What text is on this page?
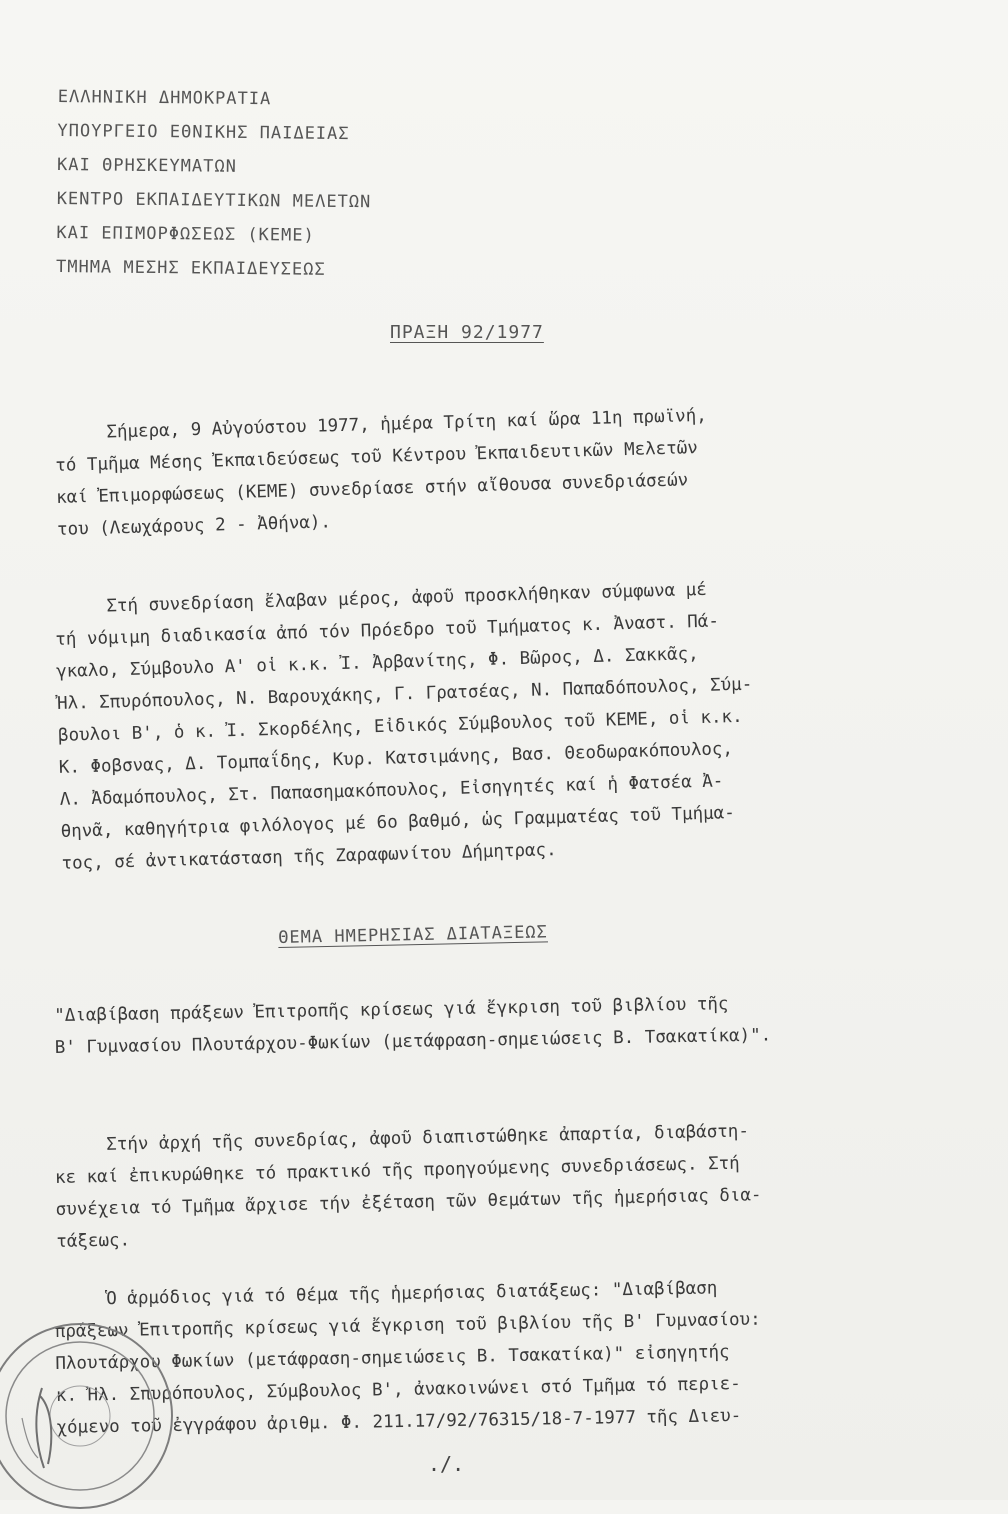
ΕΛΛΗΝΙΚΗ ΔΗΜΟΚΡΑΤΙΑ
ΥΠΟΥΡΓΕΙΟ ΕΘΝΙΚΗΣ ΠΑΙΔΕΙΑΣ
ΚΑΙ ΘΡΗΣΚΕΥΜΑΤΩΝ
ΚΕΝΤΡΟ ΕΚΠΑΙΔΕΥΤΙΚΩΝ ΜΕΛΕΤΩΝ
ΚΑΙ ΕΠΙΜΟΡΦΩΣΕΩΣ (ΚΕΜΕ)
ΤΜΗΜΑ ΜΕΣΗΣ ΕΚΠΑΙΔΕΥΣΕΩΣ
ΠΡΑΞΗ 92/1977
Σήμερα, 9 Αὐγούστου 1977, ἡμέρα Τρίτη καί ὥρα 11η πρωϊνή,
τό Τμῆμα Μέσης Ἐκπαιδεύσεως τοῦ Κέντρου Ἐκπαιδευτικῶν Μελετῶν
καί Ἐπιμορφώσεως (ΚΕΜΕ) συνεδρίασε στήν αἴθουσα συνεδριάσεών
του (Λεωχάρους 2 - Ἀθήνα).
Στή συνεδρίαση ἔλαβαν μέρος, ἀφοῦ προσκλήθηκαν σύμφωνα μέ
τή νόμιμη διαδικασία ἀπό τόν Πρόεδρο τοῦ Τμήματος κ. Ἀναστ. Πά-
γκαλο, Σύμβουλο Α' οἱ κ.κ. Ἰ. Ἀρβανίτης, Φ. Βῶρος, Δ. Σακκᾶς,
Ἠλ. Σπυρόπουλος, Ν. Βαρουχάκης, Γ. Γρατσέας, Ν. Παπαδόπουλος, Σύμ-
βουλοι Β', ὁ κ. Ἰ. Σκορδέλης, Εἰδικός Σύμβουλος τοῦ ΚΕΜΕ, οἱ κ.κ.
Κ. Φοβσνας, Δ. Τομπαΐδης, Κυρ. Κατσιμάνης, Βασ. Θεοδωρακόπουλος,
Λ. Ἀδαμόπουλος, Στ. Παπασημακόπουλος, Εἰσηγητές καί ἡ Φατσέα Ἀ-
θηνᾶ, καθηγήτρια φιλόλογος μέ 6ο βαθμό, ὡς Γραμματέας τοῦ Τμήμα-
τος, σέ ἀντικατάσταση τῆς Ζαραφωνίτου Δήμητρας.
ΘΕΜΑ ΗΜΕΡΗΣΙΑΣ ΔΙΑΤΑΞΕΩΣ
"Διαβίβαση πράξεων Ἐπιτροπῆς κρίσεως γιά ἔγκριση τοῦ βιβλίου τῆς
Β' Γυμνασίου Πλουτάρχου-Φωκίων (μετάφραση-σημειώσεις Β. Τσακατίκα)".
Στήν ἀρχή τῆς συνεδρίας, ἀφοῦ διαπιστώθηκε ἀπαρτία, διαβάστη-
κε καί ἐπικυρώθηκε τό πρακτικό τῆς προηγούμενης συνεδριάσεως. Στή
συνέχεια τό Τμῆμα ἄρχισε τήν ἐξέταση τῶν θεμάτων τῆς ἡμερήσιας δια-
τάξεως.
Ὁ ἁρμόδιος γιά τό θέμα τῆς ἡμερήσιας διατάξεως: "Διαβίβαση
πράξεων Ἐπιτροπῆς κρίσεως γιά ἔγκριση τοῦ βιβλίου τῆς Β' Γυμνασίου:
Πλουτάρχου Φωκίων (μετάφραση-σημειώσεις Β. Τσακατίκα)" εἰσηγητής
κ. Ἠλ. Σπυρόπουλος, Σύμβουλος Β', ἀνακοινώνει στό Τμῆμα τό περιε-
χόμενο τοῦ ἐγγράφου ἀριθμ. Φ. 211.17/92/76315/18-7-1977 τῆς Διευ-
./.
